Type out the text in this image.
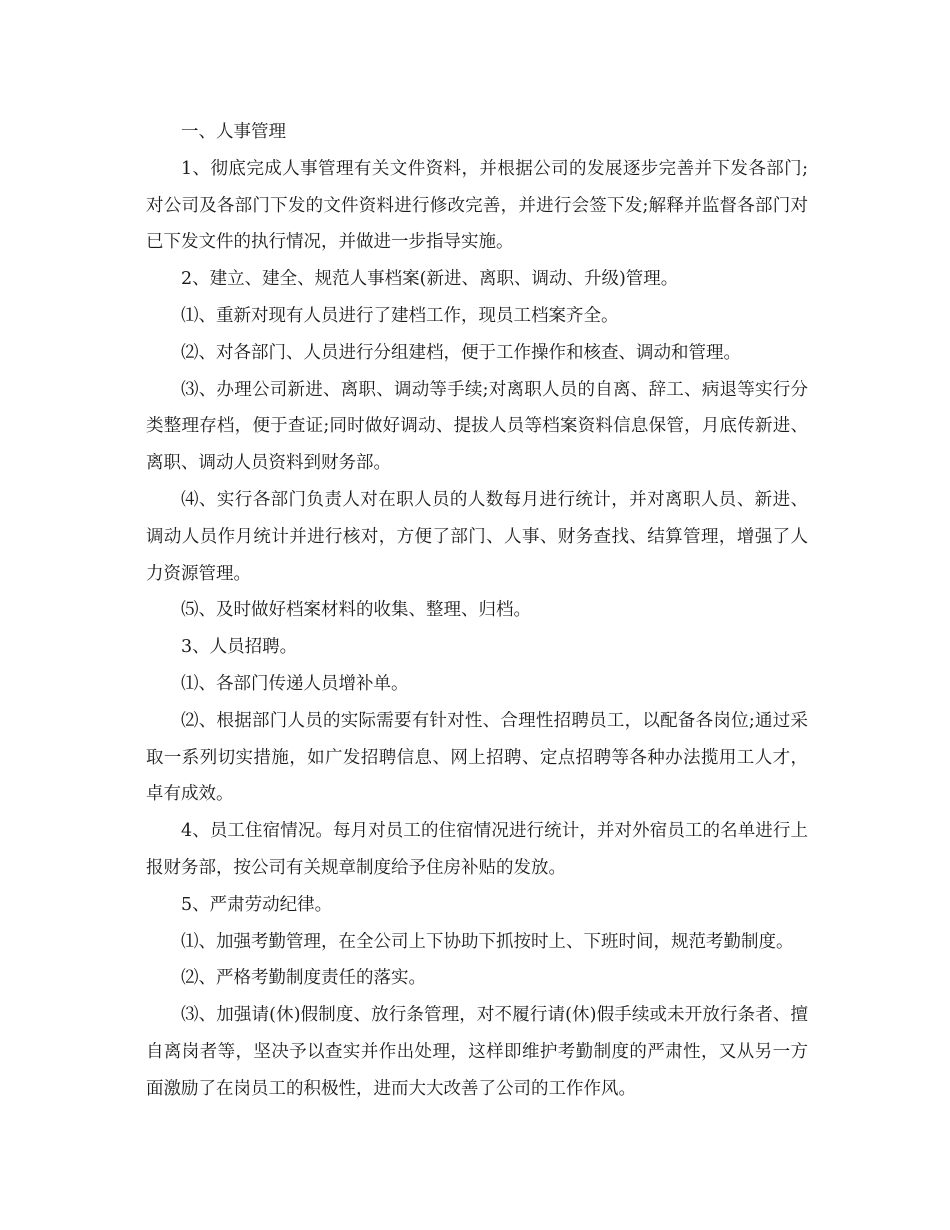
一、人事管理

1、彻底完成人事管理有关文件资料，并根据公司的发展逐步完善并下发各部门;对公司及各部门下发的文件资料进行修改完善，并进行会签下发;解释并监督各部门对已下发文件的执行情况，并做进一步指导实施。

2、建立、建全、规范人事档案(新进、离职、调动、升级)管理。

⑴、重新对现有人员进行了建档工作，现员工档案齐全。

⑵、对各部门、人员进行分组建档，便于工作操作和核查、调动和管理。

⑶、办理公司新进、离职、调动等手续;对离职人员的自离、辞工、病退等实行分类整理存档，便于查证;同时做好调动、提拔人员等档案资料信息保管，月底传新进、离职、调动人员资料到财务部。

⑷、实行各部门负责人对在职人员的人数每月进行统计，并对离职人员、新进、调动人员作月统计并进行核对，方便了部门、人事、财务查找、结算管理，增强了人力资源管理。

⑸、及时做好档案材料的收集、整理、归档。

3、人员招聘。

⑴、各部门传递人员增补单。

⑵、根据部门人员的实际需要有针对性、合理性招聘员工，以配备各岗位;通过采取一系列切实措施，如广发招聘信息、网上招聘、定点招聘等各种办法揽用工人才，卓有成效。

4、员工住宿情况。每月对员工的住宿情况进行统计，并对外宿员工的名单进行上报财务部，按公司有关规章制度给予住房补贴的发放。

5、严肃劳动纪律。

⑴、加强考勤管理，在全公司上下协助下抓按时上、下班时间，规范考勤制度。

⑵、严格考勤制度责任的落实。

⑶、加强请(休)假制度、放行条管理，对不履行请(休)假手续或未开放行条者、擅自离岗者等，坚决予以查实并作出处理，这样即维护考勤制度的严肃性，又从另一方面激励了在岗员工的积极性，进而大大改善了公司的工作作风。
